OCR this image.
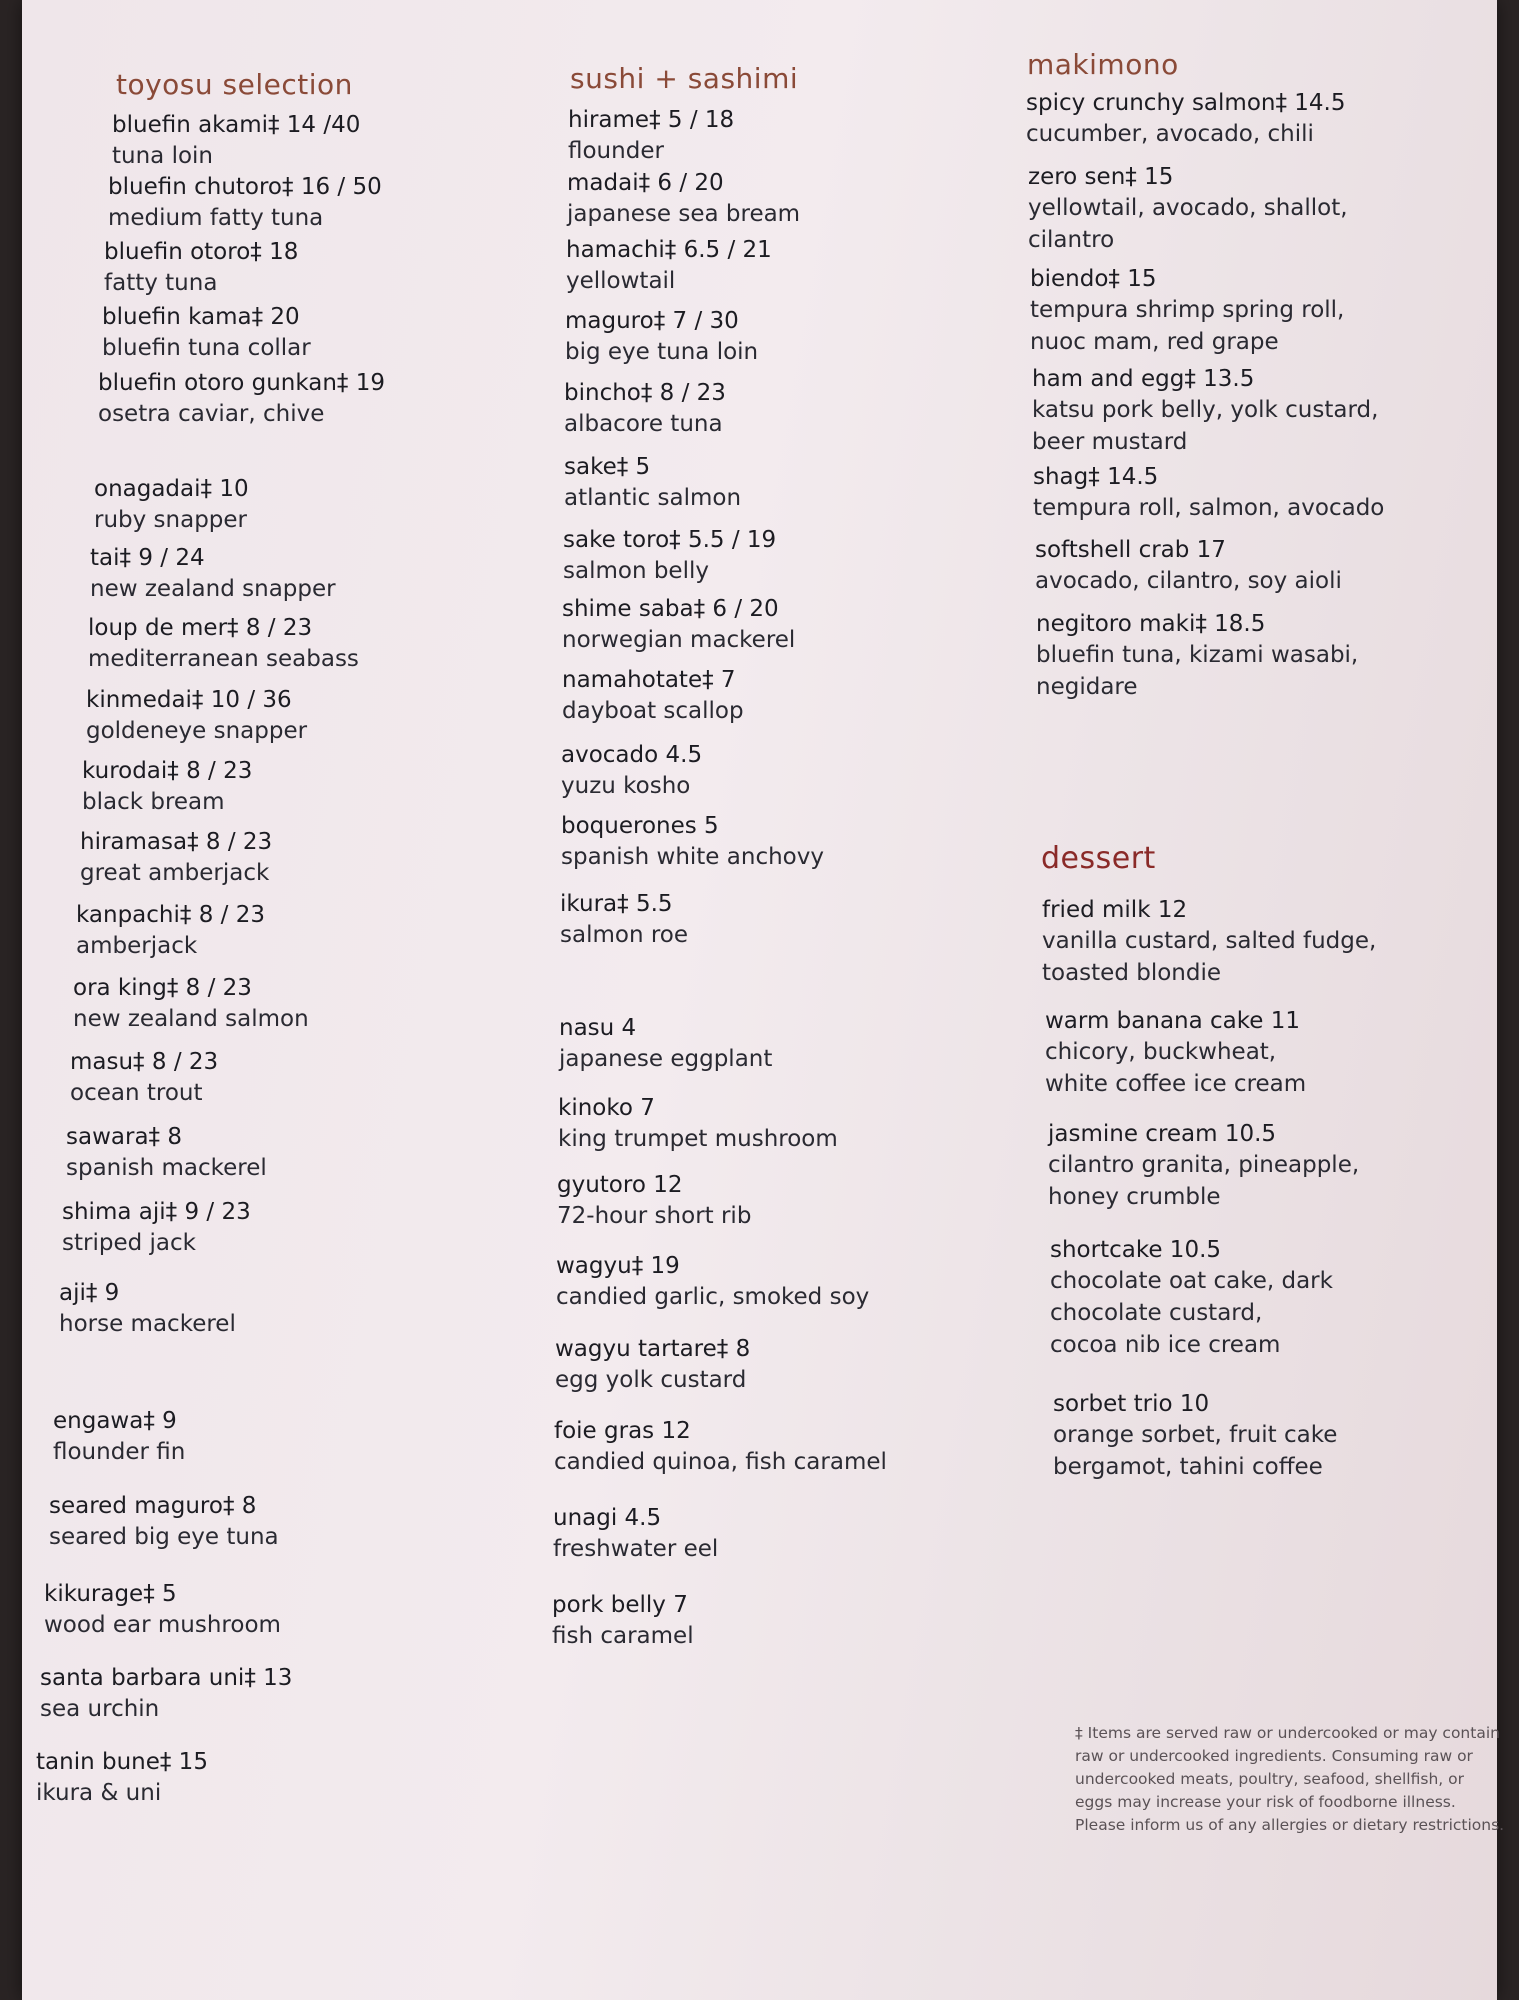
toyosu selection
bluefin akami‡ 14 /40
tuna loin
bluefin chutoro‡ 16 / 50
medium fatty tuna
bluefin otoro‡ 18
fatty tuna
bluefin kama‡ 20
bluefin tuna collar
bluefin otoro gunkan‡ 19
osetra caviar, chive
onagadai‡ 10
ruby snapper
tai‡ 9 / 24
new zealand snapper
loup de mer‡ 8 / 23
mediterranean seabass
kinmedai‡ 10 / 36
goldeneye snapper
kurodai‡ 8 / 23
black bream
hiramasa‡ 8 / 23
great amberjack
kanpachi‡ 8 / 23
amberjack
ora king‡ 8 / 23
new zealand salmon
masu‡ 8 / 23
ocean trout
sawara‡ 8
spanish mackerel
shima aji‡ 9 / 23
striped jack
aji‡ 9
horse mackerel
engawa‡ 9
flounder fin
seared maguro‡ 8
seared big eye tuna
kikurage‡ 5
wood ear mushroom
santa barbara uni‡ 13
sea urchin
tanin bune‡ 15
ikura & uni
sushi + sashimi
hirame‡ 5 / 18
flounder
madai‡ 6 / 20
japanese sea bream
hamachi‡ 6.5 / 21
yellowtail
maguro‡ 7 / 30
big eye tuna loin
bincho‡ 8 / 23
albacore tuna
sake‡ 5
atlantic salmon
sake toro‡ 5.5 / 19
salmon belly
shime saba‡ 6 / 20
norwegian mackerel
namahotate‡ 7
dayboat scallop
avocado 4.5
yuzu kosho
boquerones 5
spanish white anchovy
ikura‡ 5.5
salmon roe
nasu 4
japanese eggplant
kinoko 7
king trumpet mushroom
gyutoro 12
72-hour short rib
wagyu‡ 19
candied garlic, smoked soy
wagyu tartare‡ 8
egg yolk custard
foie gras 12
candied quinoa, fish caramel
unagi 4.5
freshwater eel
pork belly 7
fish caramel
makimono
spicy crunchy salmon‡ 14.5
cucumber, avocado, chili
zero sen‡ 15
yellowtail, avocado, shallot,
cilantro
biendo‡ 15
tempura shrimp spring roll,
nuoc mam, red grape
ham and egg‡ 13.5
katsu pork belly, yolk custard,
beer mustard
shag‡ 14.5
tempura roll, salmon, avocado
softshell crab 17
avocado, cilantro, soy aioli
negitoro maki‡ 18.5
bluefin tuna, kizami wasabi,
negidare
dessert
fried milk 12
vanilla custard, salted fudge,
toasted blondie
warm banana cake 11
chicory, buckwheat,
white coffee ice cream
jasmine cream 10.5
cilantro granita, pineapple,
honey crumble
shortcake 10.5
chocolate oat cake, dark
chocolate custard,
cocoa nib ice cream
sorbet trio 10
orange sorbet, fruit cake
bergamot, tahini coffee
‡ Items are served raw or undercooked or may contain raw or undercooked ingredients. Consuming raw or undercooked meats, poultry, seafood, shellfish, or eggs may increase your risk of foodborne illness. Please inform us of any allergies or dietary restrictions.
